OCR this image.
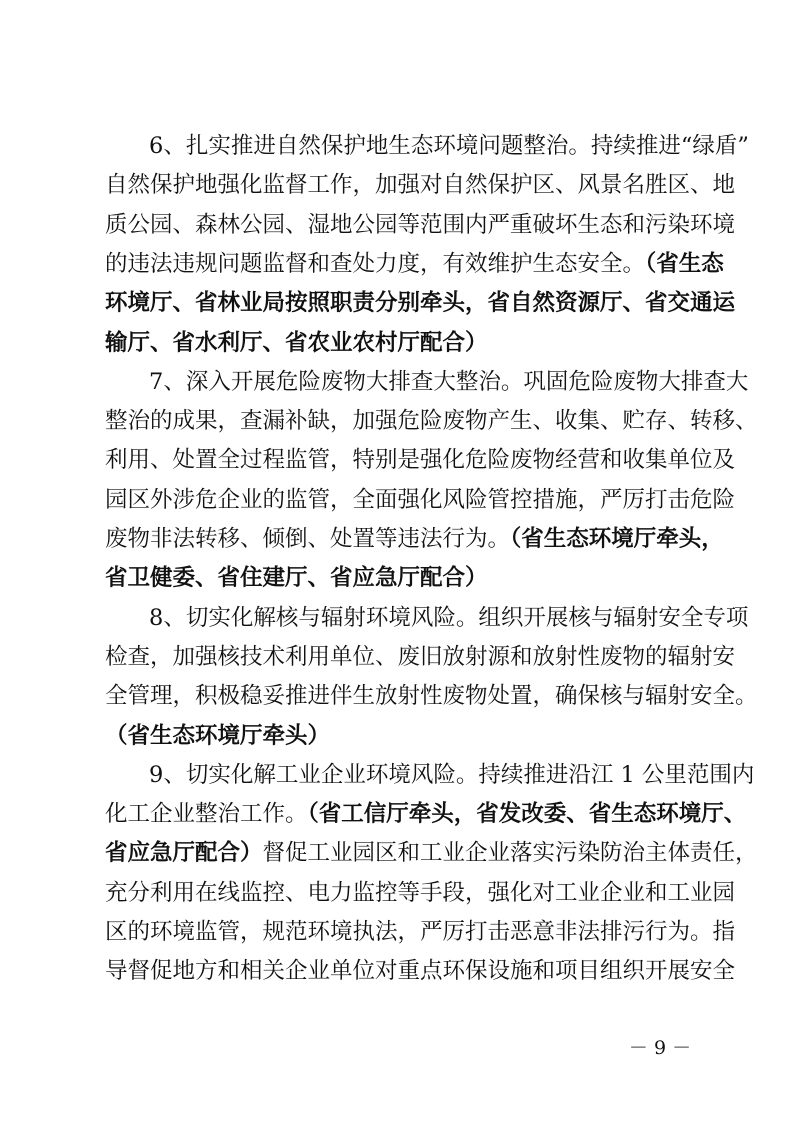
6、扎实推进自然保护地生态环境问题整治。持续推进“绿盾”
自然保护地强化监督工作，加强对自然保护区、风景名胜区、地
质公园、森林公园、湿地公园等范围内严重破坏生态和污染环境
的违法违规问题监督和查处力度，有效维护生态安全。（省生态
环境厅、省林业局按照职责分别牵头，省自然资源厅、省交通运
输厅、省水利厅、省农业农村厅配合）
7、深入开展危险废物大排查大整治。巩固危险废物大排查大
整治的成果，查漏补缺，加强危险废物产生、收集、贮存、转移、
利用、处置全过程监管，特别是强化危险废物经营和收集单位及
园区外涉危企业的监管，全面强化风险管控措施，严厉打击危险
废物非法转移、倾倒、处置等违法行为。（省生态环境厅牵头，
省卫健委、省住建厅、省应急厅配合）
8、切实化解核与辐射环境风险。组织开展核与辐射安全专项
检查，加强核技术利用单位、废旧放射源和放射性废物的辐射安
全管理，积极稳妥推进伴生放射性废物处置，确保核与辐射安全。
（省生态环境厅牵头）
9、切实化解工业企业环境风险。持续推进沿江 1 公里范围内
化工企业整治工作。（省工信厅牵头，省发改委、省生态环境厅、
省应急厅配合）督促工业园区和工业企业落实污染防治主体责任，
充分利用在线监控、电力监控等手段，强化对工业企业和工业园
区的环境监管，规范环境执法，严厉打击恶意非法排污行为。指
导督促地方和相关企业单位对重点环保设施和项目组织开展安全
－ 9 －
